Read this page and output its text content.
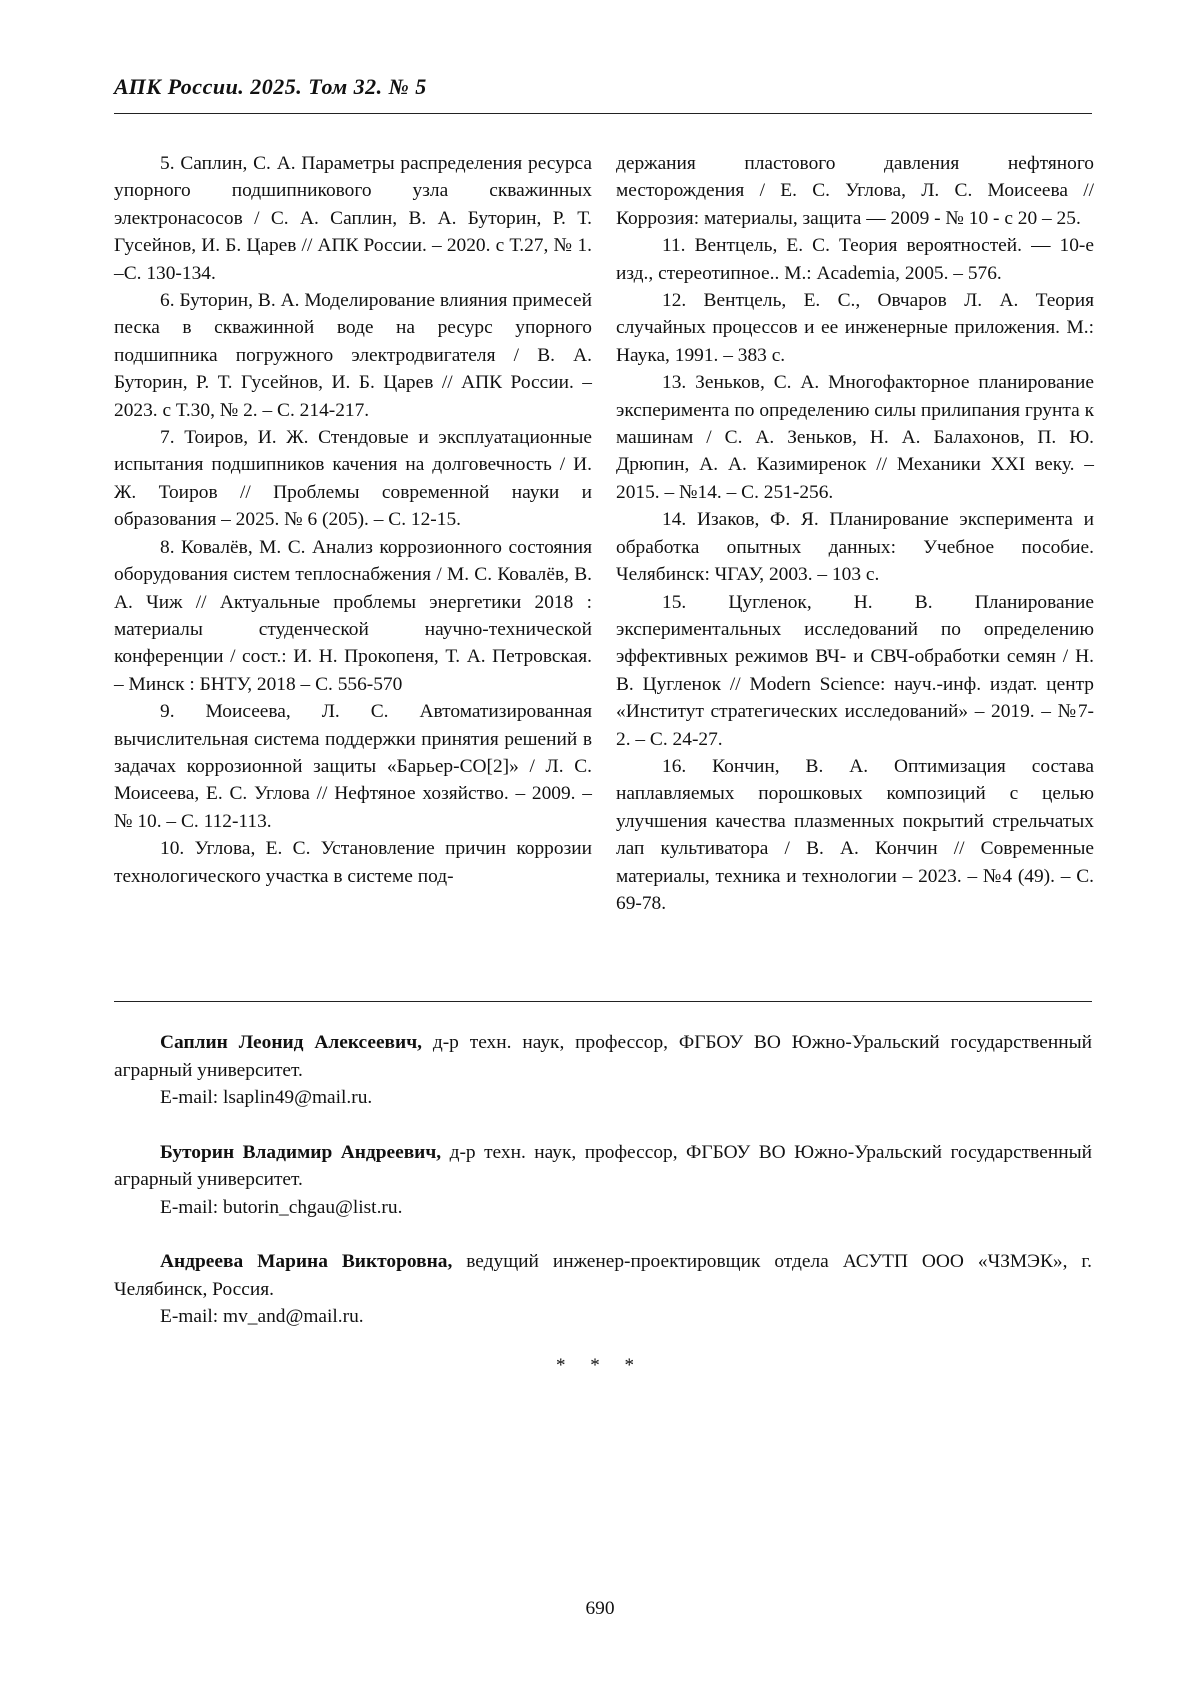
АПК России. 2025. Том 32. № 5

5. Саплин, С. А. Параметры распределения ресурса упорного подшипникового узла скважинных электронасосов / С. А. Саплин, В. А. Буторин, Р. Т. Гусейнов, И. Б. Царев // АПК России. – 2020. с Т.27, № 1. –С. 130-134.

6. Буторин, В. А. Моделирование влияния примесей песка в скважинной воде на ресурс упорного подшипника погружного электродвигателя / В. А. Буторин, Р. Т. Гусейнов, И. Б. Царев // АПК России. – 2023. с Т.30, № 2. – С. 214-217.

7. Тоиров, И. Ж. Стендовые и эксплуатационные испытания подшипников качения на долговечность / И. Ж. Тоиров // Проблемы современной науки и образования – 2025. № 6 (205). – С. 12-15.

8. Ковалёв, М. С. Анализ коррозионного состояния оборудования систем теплоснабжения / М. С. Ковалёв, В. А. Чиж // Актуальные проблемы энергетики 2018 : материалы студенческой научно-технической конференции / сост.: И. Н. Прокопеня, Т. А. Петровская. – Минск : БНТУ, 2018 – С. 556-570

9. Моисеева, Л. С. Автоматизированная вычислительная система поддержки принятия решений в задачах коррозионной защиты «Барьер-СО[2]» / Л. С. Моисеева, Е. С. Углова // Нефтяное хозяйство. – 2009. – № 10. – С. 112-113.

10. Углова, Е. С. Установление причин коррозии технологического участка в системе под-

держания пластового давления нефтяного месторождения / Е. С. Углова, Л. С. Моисеева // Коррозия: материалы, защита — 2009 - № 10 - с 20 – 25.

11. Вентцель, Е. С. Теория вероятностей. — 10-е изд., стереотипное.. М.: Academia, 2005. – 576.

12. Вентцель, Е. С., Овчаров Л. А. Теория случайных процессов и ее инженерные приложения. М.: Наука, 1991. – 383 с.

13. Зеньков, С. А. Многофакторное планирование эксперимента по определению силы прилипания грунта к машинам / С. А. Зеньков, Н. А. Балахонов, П. Ю. Дрюпин, А. А. Казимиренок // Механики XXI веку. – 2015. – №14. – С. 251-256.

14. Изаков, Ф. Я. Планирование эксперимента и обработка опытных данных: Учебное пособие. Челябинск: ЧГАУ, 2003. – 103 с.

15. Цугленок, Н. В. Планирование экспериментальных исследований по определению эффективных режимов ВЧ- и СВЧ-обработки семян / Н. В. Цугленок // Modern Science: науч.-инф. издат. центр «Институт стратегических исследований» – 2019. – №7-2. – С. 24-27.

16. Кончин, В. А. Оптимизация состава наплавляемых порошковых композиций с целью улучшения качества плазменных покрытий стрельчатых лап культиватора / В. А. Кончин // Современные материалы, техника и технологии – 2023. – №4 (49). – С. 69-78.

Саплин Леонид Алексеевич, д-р техн. наук, профессор, ФГБОУ ВО Южно-Уральский государственный аграрный университет.

E-mail: lsaplin49@mail.ru.

Буторин Владимир Андреевич, д-р техн. наук, профессор, ФГБОУ ВО Южно-Уральский государственный аграрный университет.

E-mail: butorin_chgau@list.ru.

Андреева Марина Викторовна, ведущий инженер-проектировщик отдела АСУТП ООО «ЧЗМЭК», г. Челябинск, Россия.

E-mail: mv_and@mail.ru.

* * *
690
